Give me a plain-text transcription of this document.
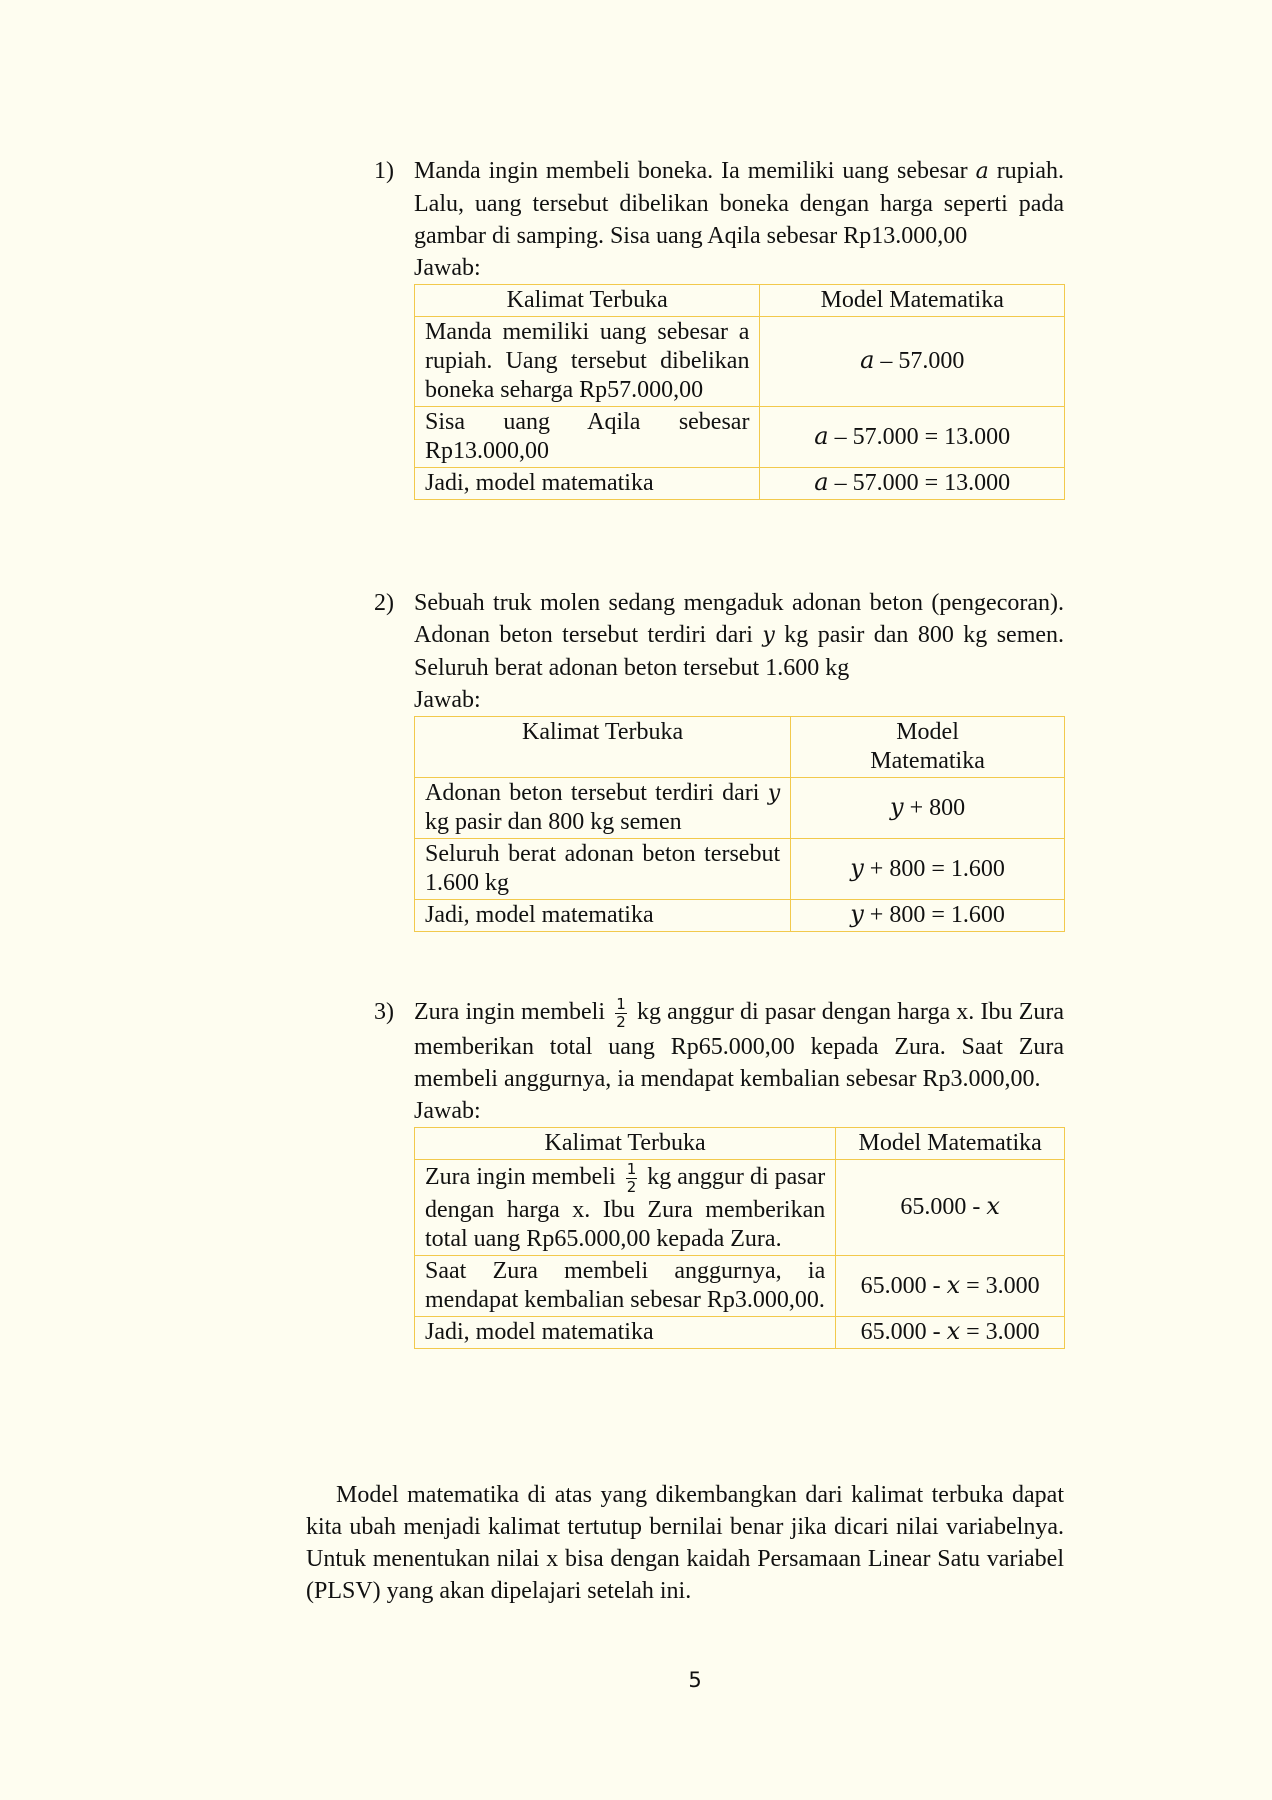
1) Manda ingin membeli boneka. Ia memiliki uang sebesar a rupiah. Lalu, uang tersebut dibelikan boneka dengan harga seperti pada gambar di samping. Sisa uang Aqila sebesar Rp13.000,00

Jawab:

Kalimat Terbuka	Model Matematika
Manda memiliki uang sebesar a rupiah. Uang tersebut dibelikan boneka seharga Rp57.000,00	𝑎 – 57.000
Sisa uang Aqila sebesar Rp13.000,00	𝑎 – 57.000 = 13.000
Jadi, model matematika	𝑎 – 57.000 = 13.000
2) Sebuah truk molen sedang mengaduk adonan beton (pengecoran). Adonan beton tersebut terdiri dari y kg pasir dan 800 kg semen. Seluruh berat adonan beton tersebut 1.600 kg

Jawab:

Kalimat Terbuka	Model Matematika
Adonan beton tersebut terdiri dari y kg pasir dan 800 kg semen	𝑦 + 800
Seluruh berat adonan beton tersebut 1.600 kg	𝑦 + 800 = 1.600
Jadi, model matematika	𝑦 + 800 = 1.600
3) Zura ingin membeli $\frac{1}{2}$ kg anggur di pasar dengan harga x. Ibu Zura memberikan total uang Rp65.000,00 kepada Zura. Saat Zura membeli anggurnya, ia mendapat kembalian sebesar Rp3.000,00.

Jawab:

Kalimat Terbuka	Model Matematika
Zura ingin membeli $\frac{1}{2}$ kg anggur di pasar dengan harga x. Ibu Zura memberikan total uang Rp65.000,00 kepada Zura.	65.000 - 𝑥
Saat Zura membeli anggurnya, ia mendapat kembalian sebesar Rp3.000,00.	65.000 - 𝑥 = 3.000
Jadi, model matematika	65.000 - 𝑥 = 3.000

Model matematika di atas yang dikembangkan dari kalimat terbuka dapat kita ubah menjadi kalimat tertutup bernilai benar jika dicari nilai variabelnya. Untuk menentukan nilai x bisa dengan kaidah Persamaan Linear Satu variabel (PLSV) yang akan dipelajari setelah ini.

5
